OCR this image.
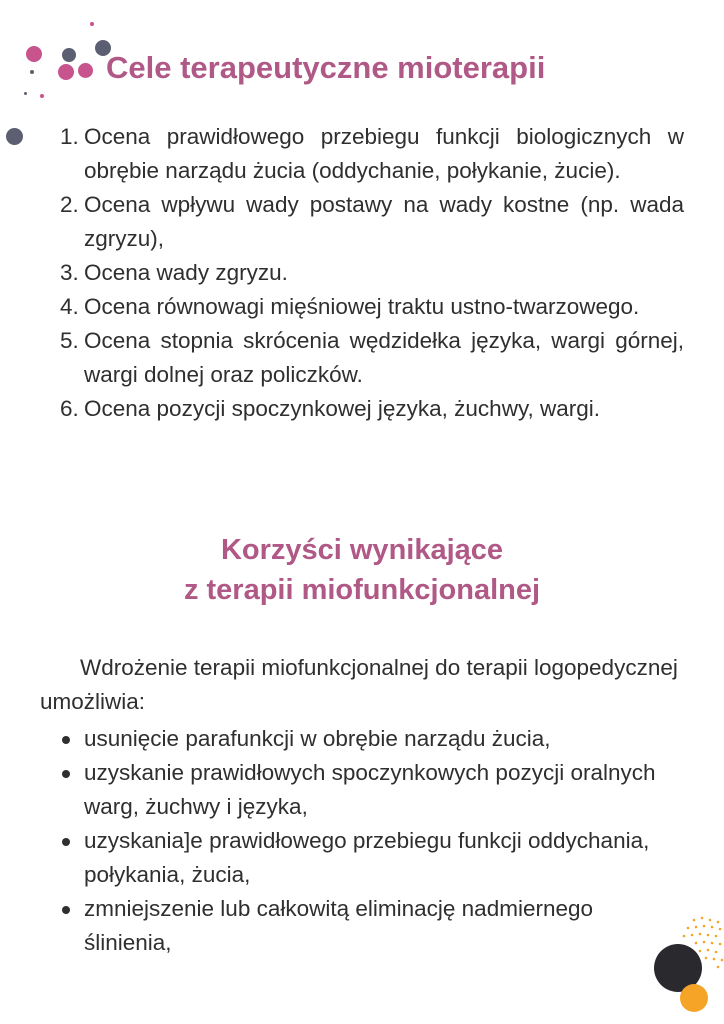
Cele terapeutyczne mioterapii
1. Ocena prawidłowego przebiegu funkcji biologicznych w obrębie narządu żucia (oddychanie, połykanie, żucie).
2. Ocena wpływu wady postawy na wady kostne (np. wada zgryzu),
3. Ocena wady zgryzu.
4. Ocena równowagi mięśniowej traktu ustno-twarzowego.
5. Ocena stopnia skrócenia wędzidełka języka, wargi górnej, wargi dolnej oraz policzków.
6. Ocena pozycji spoczynkowej języka, żuchwy, wargi.
Korzyści wynikające
z terapii miofunkcjonalnej

Wdrożenie terapii miofunkcjonalnej do terapii logopedycznej umożliwia:

usunięcie parafunkcji w obrębie narządu żucia,
uzyskanie prawidłowych spoczynkowych pozycji oralnych warg, żuchwy i języka,
uzyskania]e prawidłowego przebiegu funkcji oddychania, połykania, żucia,
zmniejszenie lub całkowitą eliminację nadmiernego ślinienia,
